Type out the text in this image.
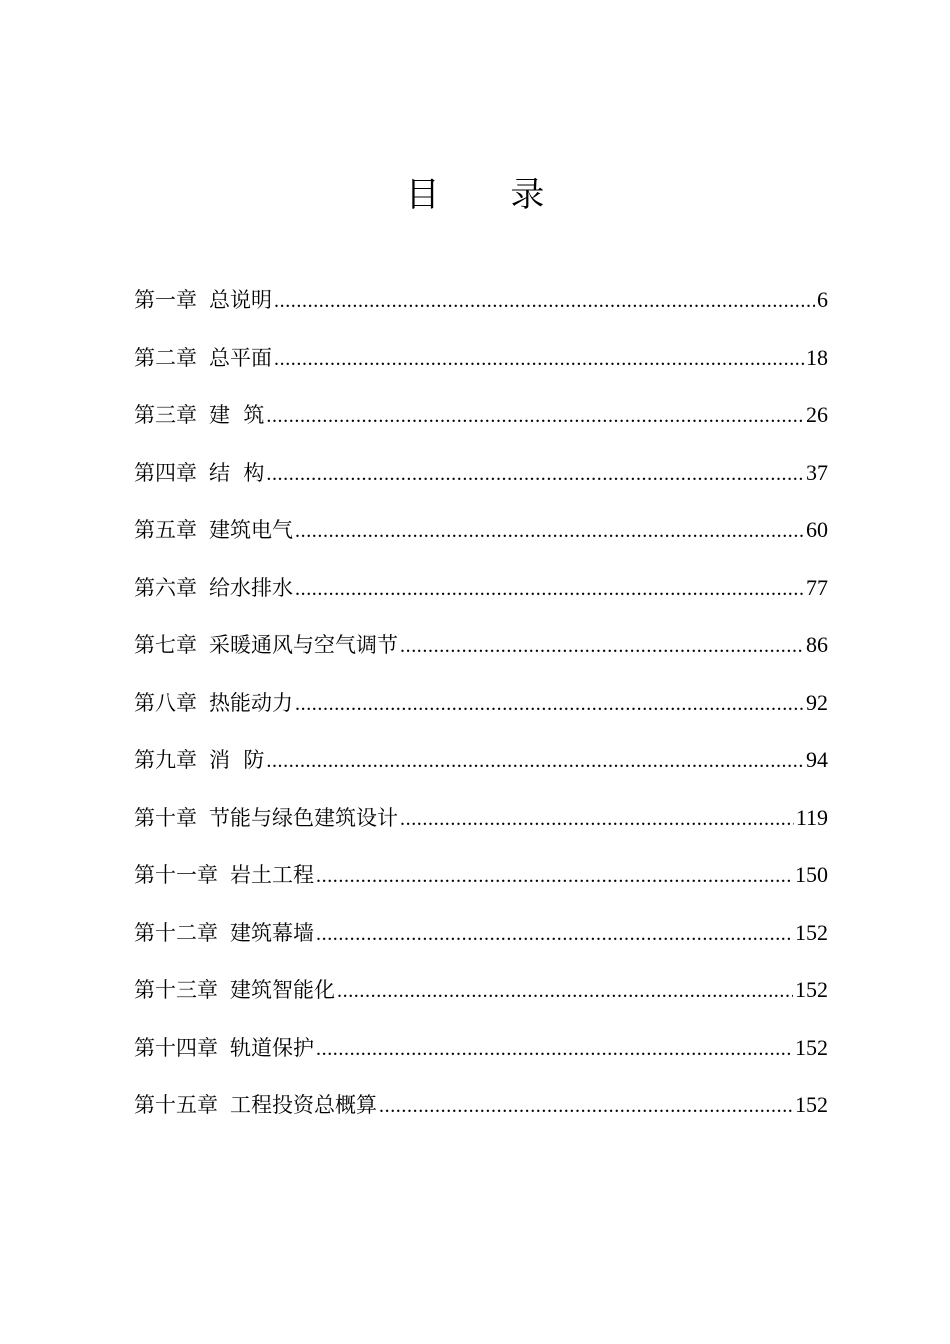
目 录
第一章 总说明 .....	6
第二章 总平面 .....	18
第三章 建  筑 .....	26
第四章 结  构 .....	37
第五章 建筑电气 .....	60
第六章 给水排水 .....	77
第七章 采暖通风与空气调节 .....	86
第八章 热能动力 .....	92
第九章 消  防 .....	94
第十章 节能与绿色建筑设计 .....	119
第十一章 岩土工程 .....	150
第十二章 建筑幕墙 .....	152
第十三章 建筑智能化 .....	152
第十四章 轨道保护 .....	152
第十五章 工程投资总概算 .....	152
